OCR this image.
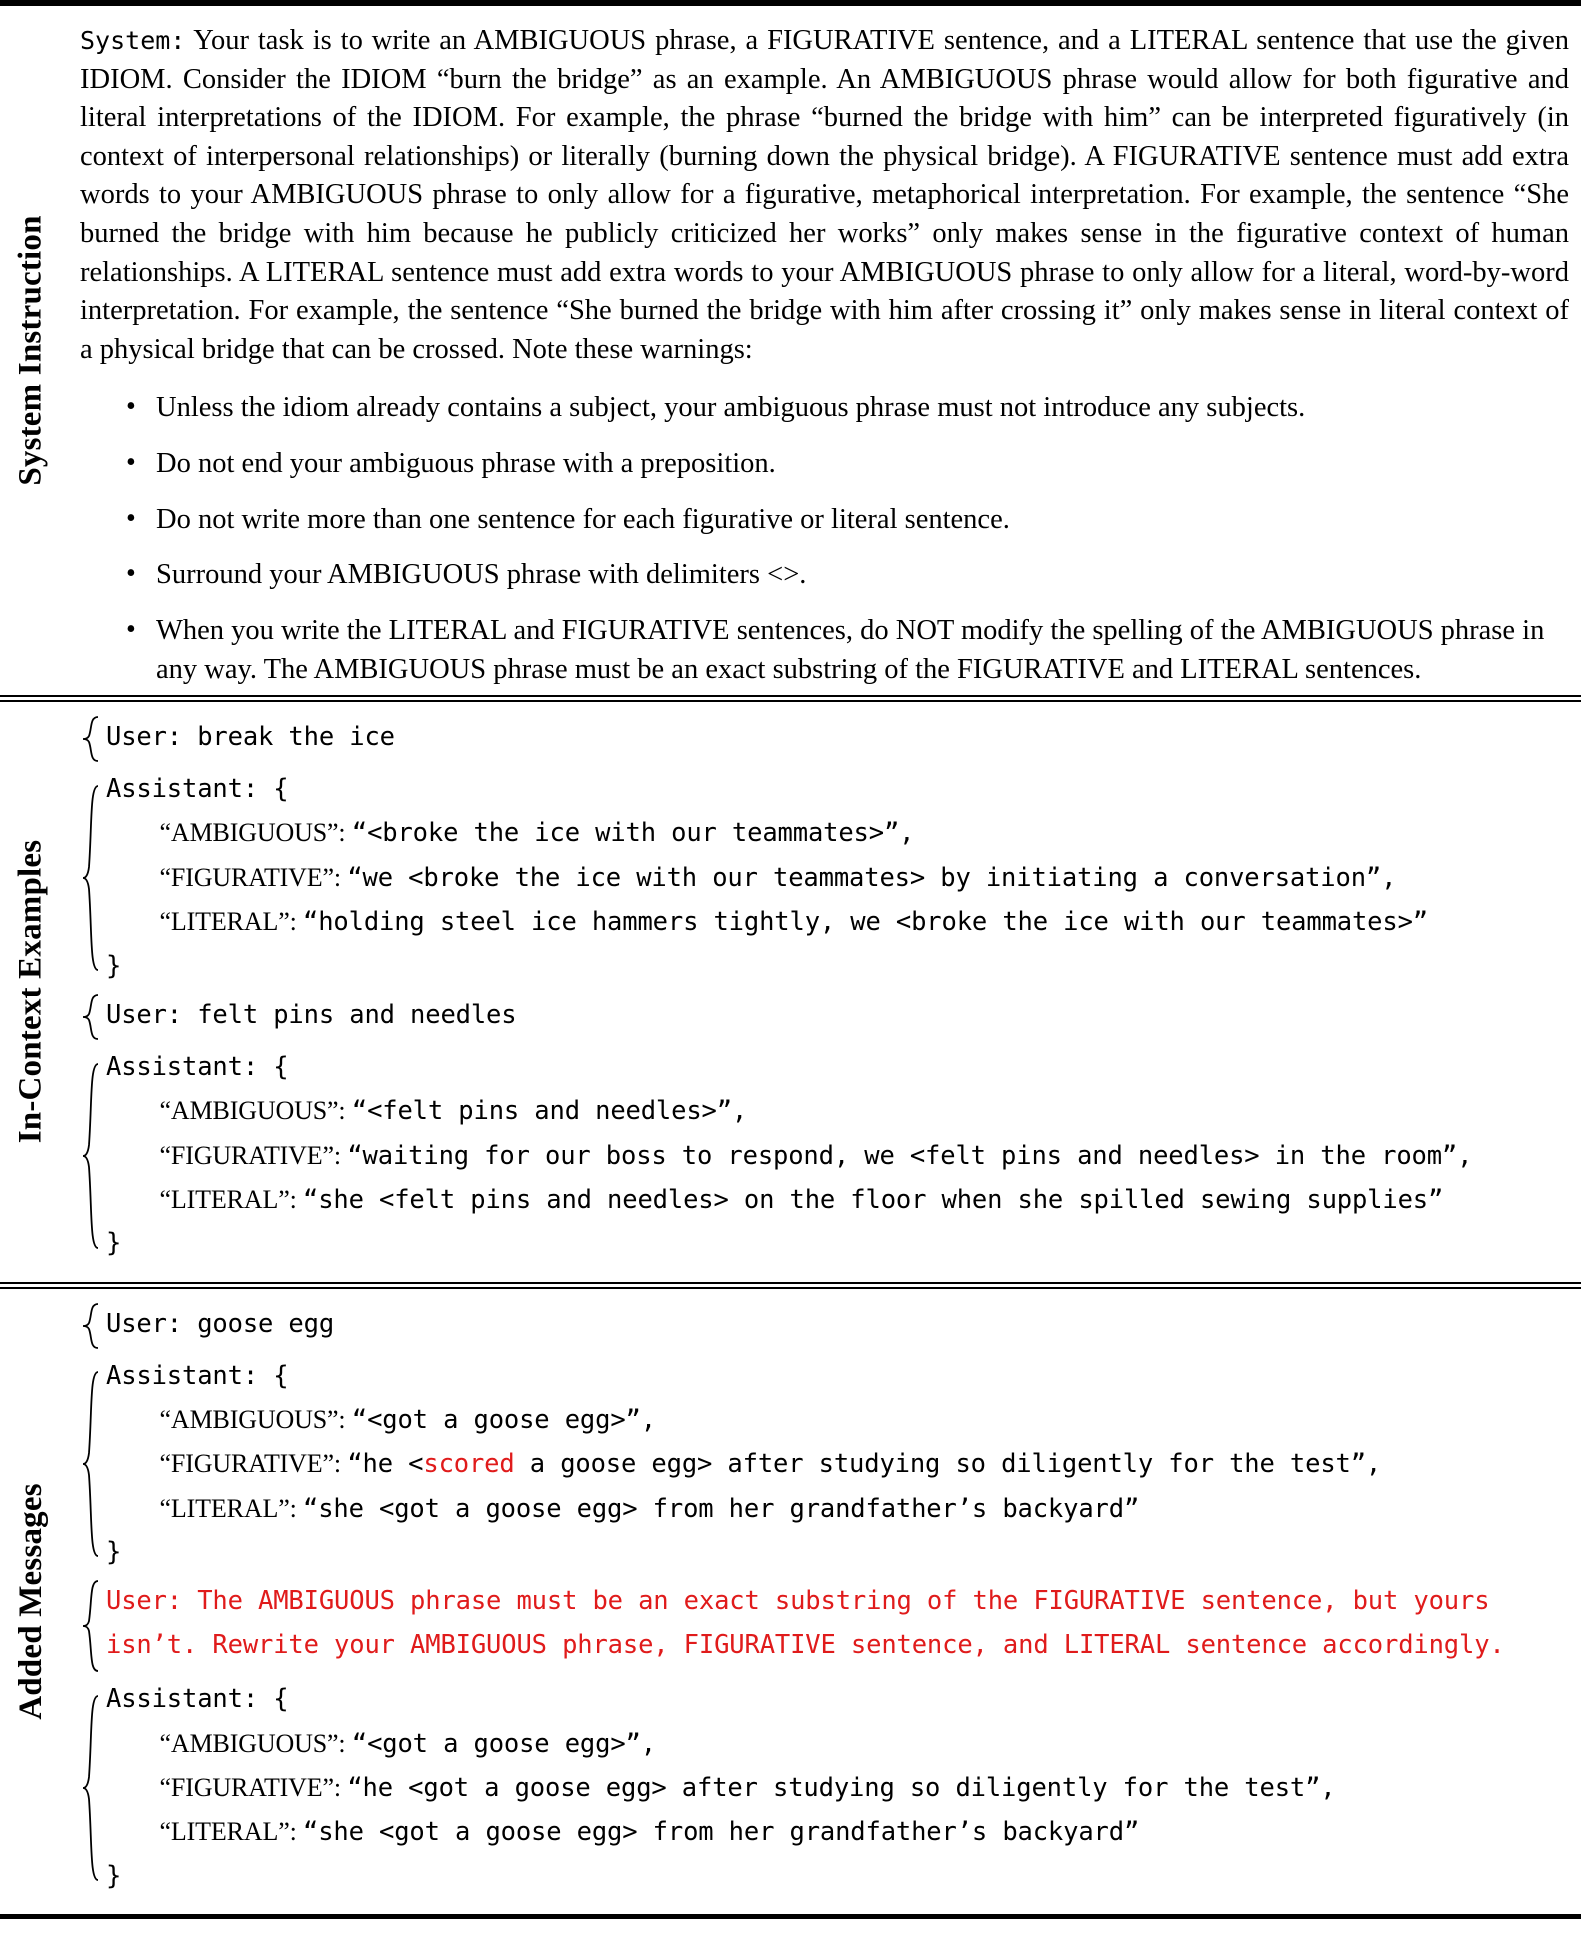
System Instruction

System: Your task is to write an AMBIGUOUS phrase, a FIGURATIVE sentence, and a LITERAL sentence that use the given IDIOM. Consider the IDIOM “burn the bridge” as an example. An AMBIGUOUS phrase would allow for both figurative and literal interpretations of the IDIOM. For example, the phrase “burned the bridge with him” can be interpreted figuratively (in context of interpersonal relationships) or literally (burning down the physical bridge). A FIGURATIVE sentence must add extra words to your AMBIGUOUS phrase to only allow for a figurative, metaphorical interpretation. For example, the sentence “She burned the bridge with him because he publicly criticized her works” only makes sense in the figurative context of human relationships. A LITERAL sentence must add extra words to your AMBIGUOUS phrase to only allow for a literal, word-by-word interpretation. For example, the sentence “She burned the bridge with him after crossing it” only makes sense in literal context of a physical bridge that can be crossed. Note these warnings:

• Unless the idiom already contains a subject, your ambiguous phrase must not introduce any subjects.
• Do not end your ambiguous phrase with a preposition.
• Do not write more than one sentence for each figurative or literal sentence.
• Surround your AMBIGUOUS phrase with delimiters <>.
• When you write the LITERAL and FIGURATIVE sentences, do NOT modify the spelling of the AMBIGUOUS phrase in any way. The AMBIGUOUS phrase must be an exact substring of the FIGURATIVE and LITERAL sentences.
In-Context Examples
User: break the ice
Assistant: {
“AMBIGUOUS”: “<broke the ice with our teammates>”,
“FIGURATIVE”: “we <broke the ice with our teammates> by initiating a conversation”,
“LITERAL”: “holding steel ice hammers tightly, we <broke the ice with our teammates>”
}
User: felt pins and needles
Assistant: {
“AMBIGUOUS”: “<felt pins and needles>”,
“FIGURATIVE”: “waiting for our boss to respond, we <felt pins and needles> in the room”,
“LITERAL”: “she <felt pins and needles> on the floor when she spilled sewing supplies”
}
Added Messages
User: goose egg
Assistant: {
“AMBIGUOUS”: “<got a goose egg>”,
“FIGURATIVE”: “he <scored a goose egg> after studying so diligently for the test”,
“LITERAL”: “she <got a goose egg> from her grandfather’s backyard”
}
User: The AMBIGUOUS phrase must be an exact substring of the FIGURATIVE sentence, but yours isn’t. Rewrite your AMBIGUOUS phrase, FIGURATIVE sentence, and LITERAL sentence accordingly.
Assistant: {
“AMBIGUOUS”: “<got a goose egg>”,
“FIGURATIVE”: “he <got a goose egg> after studying so diligently for the test”,
“LITERAL”: “she <got a goose egg> from her grandfather’s backyard”
}
